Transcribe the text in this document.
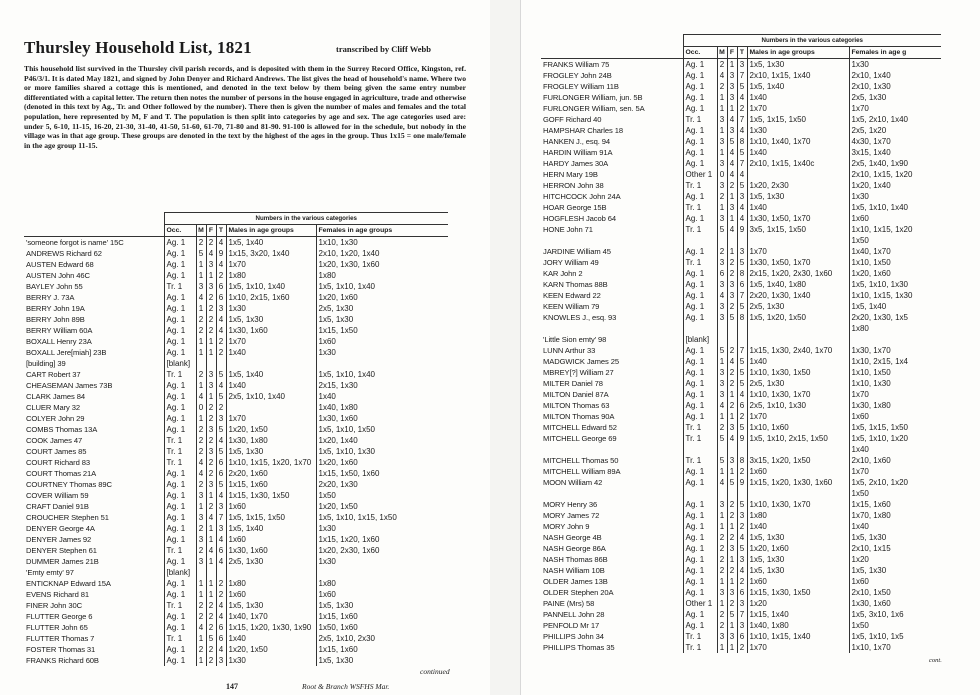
Thursley Household List, 1821	transcribed by Cliff Webb
This household list survived in the Thursley civil parish records, and is deposited with them in the Surrey Record Office, Kingston, ref. P46/3/1. It is dated May 1821, and signed by John Denyer and Richard Andrews. The list gives the head of household's name. Where two or more families shared a cottage this is mentioned, and denoted in the text below by them being given the same entry number differentiated with a capital letter. The return then notes the number of persons in the house engaged in agriculture, trade and otherwise (denoted in this text by Ag., Tr. and Other followed by the number). There then is given the number of males and females and the total population, here represented by M, F and T. The population is then split into categories by age and sex. The age categories used are: under 5, 6-10, 11-15, 16-20, 21-30, 31-40, 41-50, 51-60, 61-70, 71-80 and 81-90. 91-100 is allowed for in the schedule, but nobody in the village was in that age group. These groups are denoted in the text by the highest of the ages in the group. Thus 1x15 = one male/female in the age group 11-15.
	Numbers in the various categories					
	Occ.	M	F	T	Males in age groups	Females in age groups
'someone forgot is name' 15C	Ag. 1	2	2	4	1x5, 1x40	1x10, 1x30
ANDREWS Richard 62	Ag. 1	5	4	9	1x15, 3x20, 1x40	2x10, 1x20, 1x40
AUSTEN Edward 68	Ag. 1	1	3	4	1x70	1x20, 1x30, 1x60
AUSTEN John 46C	Ag. 1	1	1	2	1x80	1x80
BAYLEY John 55	Tr. 1	3	3	6	1x5, 1x10, 1x40	1x5, 1x10, 1x40
BERRY J. 73A	Ag. 1	4	2	6	1x10, 2x15, 1x60	1x20, 1x60
BERRY John 19A	Ag. 1	1	2	3	1x30	2x5, 1x30
BERRY John 89B	Ag. 1	2	2	4	1x5, 1x30	1x5, 1x30
BERRY William 60A	Ag. 1	2	2	4	1x30, 1x60	1x15, 1x50
BOXALL Henry 23A	Ag. 1	1	1	2	1x70	1x60
BOXALL Jere[miah] 23B	Ag. 1	1	1	2	1x40	1x30
[building] 39	[blank]					
CART Robert 37	Tr. 1	2	3	5	1x5, 1x40	1x5, 1x10, 1x40
CHEASEMAN James 73B	Ag. 1	1	3	4	1x40	2x15, 1x30
CLARK James 84	Ag. 1	4	1	5	2x5, 1x10, 1x40	1x40
CLUER Mary 32	Ag. 1	0	2	2		1x40, 1x80
COLYER John 29	Ag. 1	1	2	3	1x70	1x30, 1x60
COMBS Thomas 13A	Ag. 1	2	3	5	1x20, 1x50	1x5, 1x10, 1x50
COOK James 47	Tr. 1	2	2	4	1x30, 1x80	1x20, 1x40
COURT James 85	Tr. 1	2	3	5	1x5, 1x30	1x5, 1x10, 1x30
COURT Richard 83	Tr. 1	4	2	6	1x10, 1x15, 1x20, 1x70	1x20, 1x60
COURT Thomas 21A	Ag. 1	4	2	6	2x20, 1x60	1x15, 1x50, 1x60
COURTNEY Thomas 89C	Ag. 1	2	3	5	1x15, 1x60	2x20, 1x30
COVER William 59	Ag. 1	3	1	4	1x15, 1x30, 1x50	1x50
CRAFT Daniel 91B	Ag. 1	1	2	3	1x60	1x20, 1x50
CROUCHER Stephen 51	Ag. 1	3	4	7	1x5, 1x15, 1x50	1x5, 1x10, 1x15, 1x50
DENYER George 4A	Ag. 1	2	1	3	1x5, 1x40	1x30
DENYER James 92	Ag. 1	3	1	4	1x60	1x15, 1x20, 1x60
DENYER Stephen 61	Tr. 1	2	4	6	1x30, 1x60	1x20, 2x30, 1x60
DUMMER James 21B	Ag. 1	3	1	4	2x5, 1x30	1x30
'Emty emty' 97	[blank]					
ENTICKNAP Edward 15A	Ag. 1	1	1	2	1x80	1x80
EVENS Richard 81	Ag. 1	1	1	2	1x60	1x60
FINER John 30C	Tr. 1	2	2	4	1x5, 1x30	1x5, 1x30
FLUTTER George 6	Ag. 1	2	2	4	1x40, 1x70	1x15, 1x60
FLUTTER John 65	Ag. 1	4	2	6	1x15, 1x20, 1x30, 1x90	1x50, 1x60
FLUTTER Thomas 7	Tr. 1	1	5	6	1x40	2x5, 1x10, 2x30
FOSTER Thomas 31	Ag. 1	2	2	4	1x20, 1x50	1x15, 1x60
FRANKS Richard 60B	Ag. 1	1	2	3	1x30	1x5, 1x30
continued
147	Root & Branch WSFHS Mar.
	Numbers in the various categories					
	Occ.	M	F	T	Males in age groups	Females in age g
FRANKS William 75	Ag. 1	2	1	3	1x5, 1x30	1x30
FROGLEY John 24B	Ag. 1	4	3	7	2x10, 1x15, 1x40	2x10, 1x40
FROGLEY William 11B	Ag. 1	2	3	5	1x5, 1x40	2x10, 1x30
FURLONGER William, jun. 5B	Ag. 1	1	3	4	1x40	2x5, 1x30
FURLONGER William, sen. 5A	Ag. 1	1	1	2	1x70	1x70
GOFF Richard 40	Tr. 1	3	4	7	1x5, 1x15, 1x50	1x5, 2x10, 1x40
HAMPSHAR Charles 18	Ag. 1	1	3	4	1x30	2x5, 1x20
HANKEN J., esq. 94	Ag. 1	3	5	8	1x10, 1x40, 1x70	4x30, 1x70
HARDIN William 91A	Ag. 1	1	4	5	1x40	3x15, 1x40
HARDY James 30A	Ag. 1	3	4	7	2x10, 1x15, 1x40c	2x5, 1x40, 1x90
HERN Mary 19B	Other 1	0	4	4		2x10, 1x15, 1x20
HERRON John 38	Tr. 1	3	2	5	1x20, 2x30	1x20, 1x40
HITCHCOCK John 24A	Ag. 1	2	1	3	1x5, 1x30	1x30
HOAR George 15B	Tr. 1	1	3	4	1x40	1x5, 1x10, 1x40
HOGFLESH Jacob 64	Ag. 1	3	1	4	1x30, 1x50, 1x70	1x60
HONE John 71	Tr. 1	5	4	9	3x5, 1x15, 1x50	1x10, 1x15, 1x20
						1x50
JARDINE William 45	Ag. 1	2	1	3	1x70	1x40, 1x70
JORY William 49	Tr. 1	3	2	5	1x30, 1x50, 1x70	1x10, 1x50
KAR John 2	Ag. 1	6	2	8	2x15, 1x20, 2x30, 1x60	1x20, 1x60
KARN Thomas 88B	Ag. 1	3	3	6	1x5, 1x40, 1x80	1x5, 1x10, 1x30
KEEN Edward 22	Ag. 1	4	3	7	2x20, 1x30, 1x40	1x10, 1x15, 1x30
KEEN William 79	Ag. 1	3	2	5	2x5, 1x30	1x5, 1x40
KNOWLES J., esq. 93	Ag. 1	3	5	8	1x5, 1x20, 1x50	2x20, 1x30, 1x5
						1x80
'Little Sion emty' 98	[blank]					
LUNN Arthur 33	Ag. 1	5	2	7	1x15, 1x30, 2x40, 1x70	1x30, 1x70
MADGWICK James 25	Ag. 1	1	4	5	1x40	1x10, 2x15, 1x4
MBREY[?] William 27	Ag. 1	3	2	5	1x10, 1x30, 1x50	1x10, 1x50
MILTER Daniel 78	Ag. 1	3	2	5	2x5, 1x30	1x10, 1x30
MILTON Daniel 87A	Ag. 1	3	1	4	1x10, 1x30, 1x70	1x70
MILTON Thomas 63	Ag. 1	4	2	6	2x5, 1x10, 1x30	1x30, 1x80
MILTON Thomas 90A	Ag. 1	1	1	2	1x70	1x60
MITCHELL Edward 52	Tr. 1	2	3	5	1x10, 1x60	1x5, 1x15, 1x50
MITCHELL George 69	Tr. 1	5	4	9	1x5, 1x10, 2x15, 1x50	1x5, 1x10, 1x20
						1x40
MITCHELL Thomas 50	Tr. 1	5	3	8	3x15, 1x20, 1x50	2x10, 1x60
MITCHELL William 89A	Ag. 1	1	1	2	1x60	1x70
MOON William 42	Ag. 1	4	5	9	1x15, 1x20, 1x30, 1x60	1x5, 2x10, 1x20
						1x50
MORY Henry 36	Ag. 1	3	2	5	1x10, 1x30, 1x70	1x15, 1x60
MORY James 72	Ag. 1	1	2	3	1x80	1x70, 1x80
MORY John 9	Ag. 1	1	1	2	1x40	1x40
NASH George 4B	Ag. 1	2	2	4	1x5, 1x30	1x5, 1x30
NASH George 86A	Ag. 1	2	3	5	1x20, 1x60	2x10, 1x15
NASH Thomas 86B	Ag. 1	2	1	3	1x5, 1x30	1x20
NASH William 10B	Ag. 1	2	2	4	1x5, 1x30	1x5, 1x30
OLDER James 13B	Ag. 1	1	1	2	1x60	1x60
OLDER Stephen 20A	Ag. 1	3	3	6	1x15, 1x30, 1x50	2x10, 1x50
PAINE (Mrs) 58	Other 1	1	2	3	1x20	1x30, 1x60
PANNELL John 28	Ag. 1	2	5	7	1x15, 1x40	1x5, 3x10, 1x6
PENFOLD Mr 17	Ag. 1	2	1	3	1x40, 1x80	1x50
PHILLIPS John 34	Tr. 1	3	3	6	1x10, 1x15, 1x40	1x5, 1x10, 1x5
PHILLIPS Thomas 35	Tr. 1	1	1	2	1x70	1x10, 1x70
cont.
